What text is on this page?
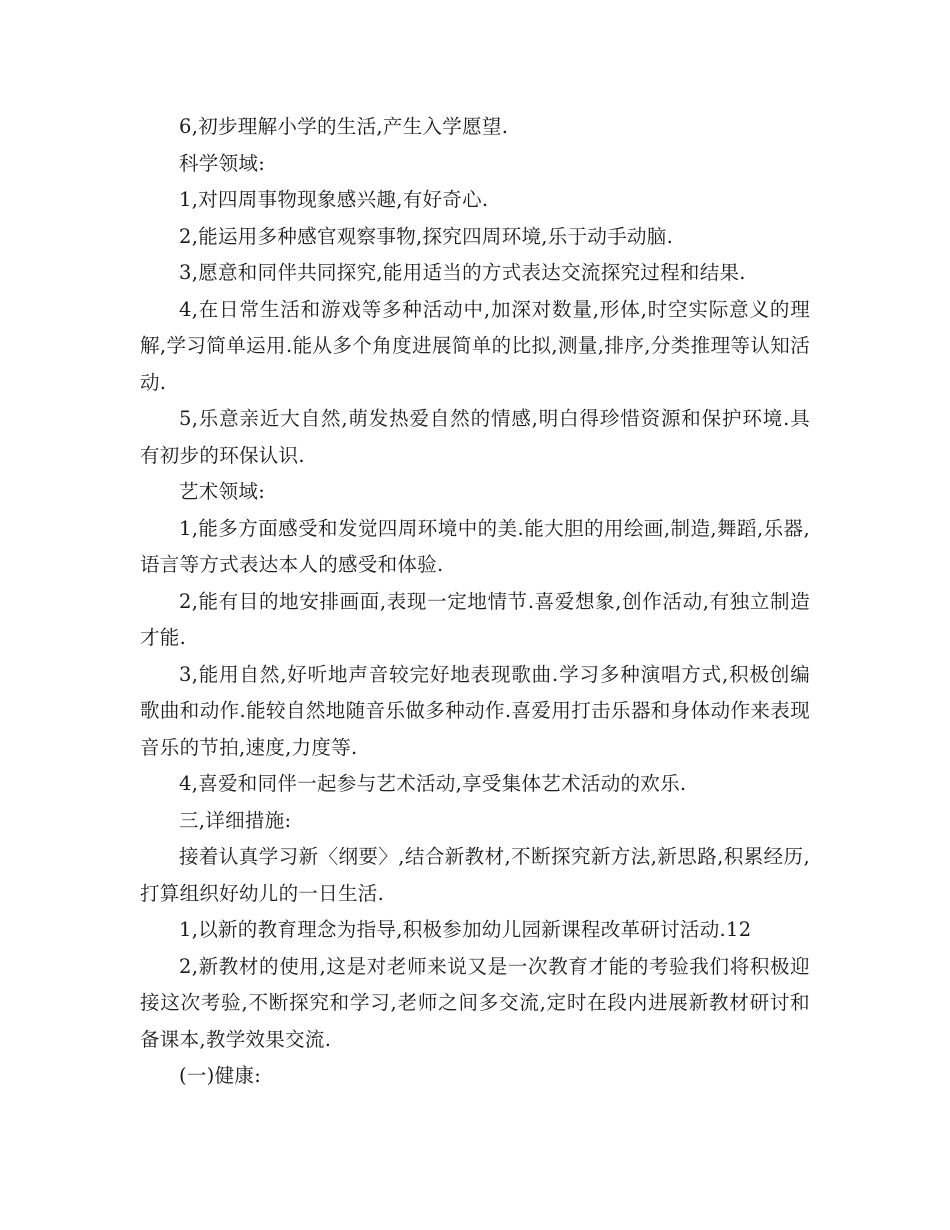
6,初步理解小学的生活,产生入学愿望.

科学领域:

1,对四周事物现象感兴趣,有好奇心.

2,能运用多种感官观察事物,探究四周环境,乐于动手动脑.

3,愿意和同伴共同探究,能用适当的方式表达交流探究过程和结果.

4,在日常生活和游戏等多种活动中,加深对数量,形体,时空实际意义的理解,学习简单运用.能从多个角度进展简单的比拟,测量,排序,分类推理等认知活动.

5,乐意亲近大自然,萌发热爱自然的情感,明白得珍惜资源和保护环境.具有初步的环保认识.

艺术领域:

1,能多方面感受和发觉四周环境中的美.能大胆的用绘画,制造,舞蹈,乐器,语言等方式表达本人的感受和体验.

2,能有目的地安排画面,表现一定地情节.喜爱想象,创作活动,有独立制造才能.

3,能用自然,好听地声音较完好地表现歌曲.学习多种演唱方式,积极创编歌曲和动作.能较自然地随音乐做多种动作.喜爱用打击乐器和身体动作来表现音乐的节拍,速度,力度等.

4,喜爱和同伴一起参与艺术活动,享受集体艺术活动的欢乐.

三,详细措施:

接着认真学习新〈纲要〉,结合新教材,不断探究新方法,新思路,积累经历,打算组织好幼儿的一日生活.

1,以新的教育理念为指导,积极参加幼儿园新课程改革研讨活动.12

2,新教材的使用,这是对老师来说又是一次教育才能的考验我们将积极迎接这次考验,不断探究和学习,老师之间多交流,定时在段内进展新教材研讨和备课本,教学效果交流.

(一)健康:
